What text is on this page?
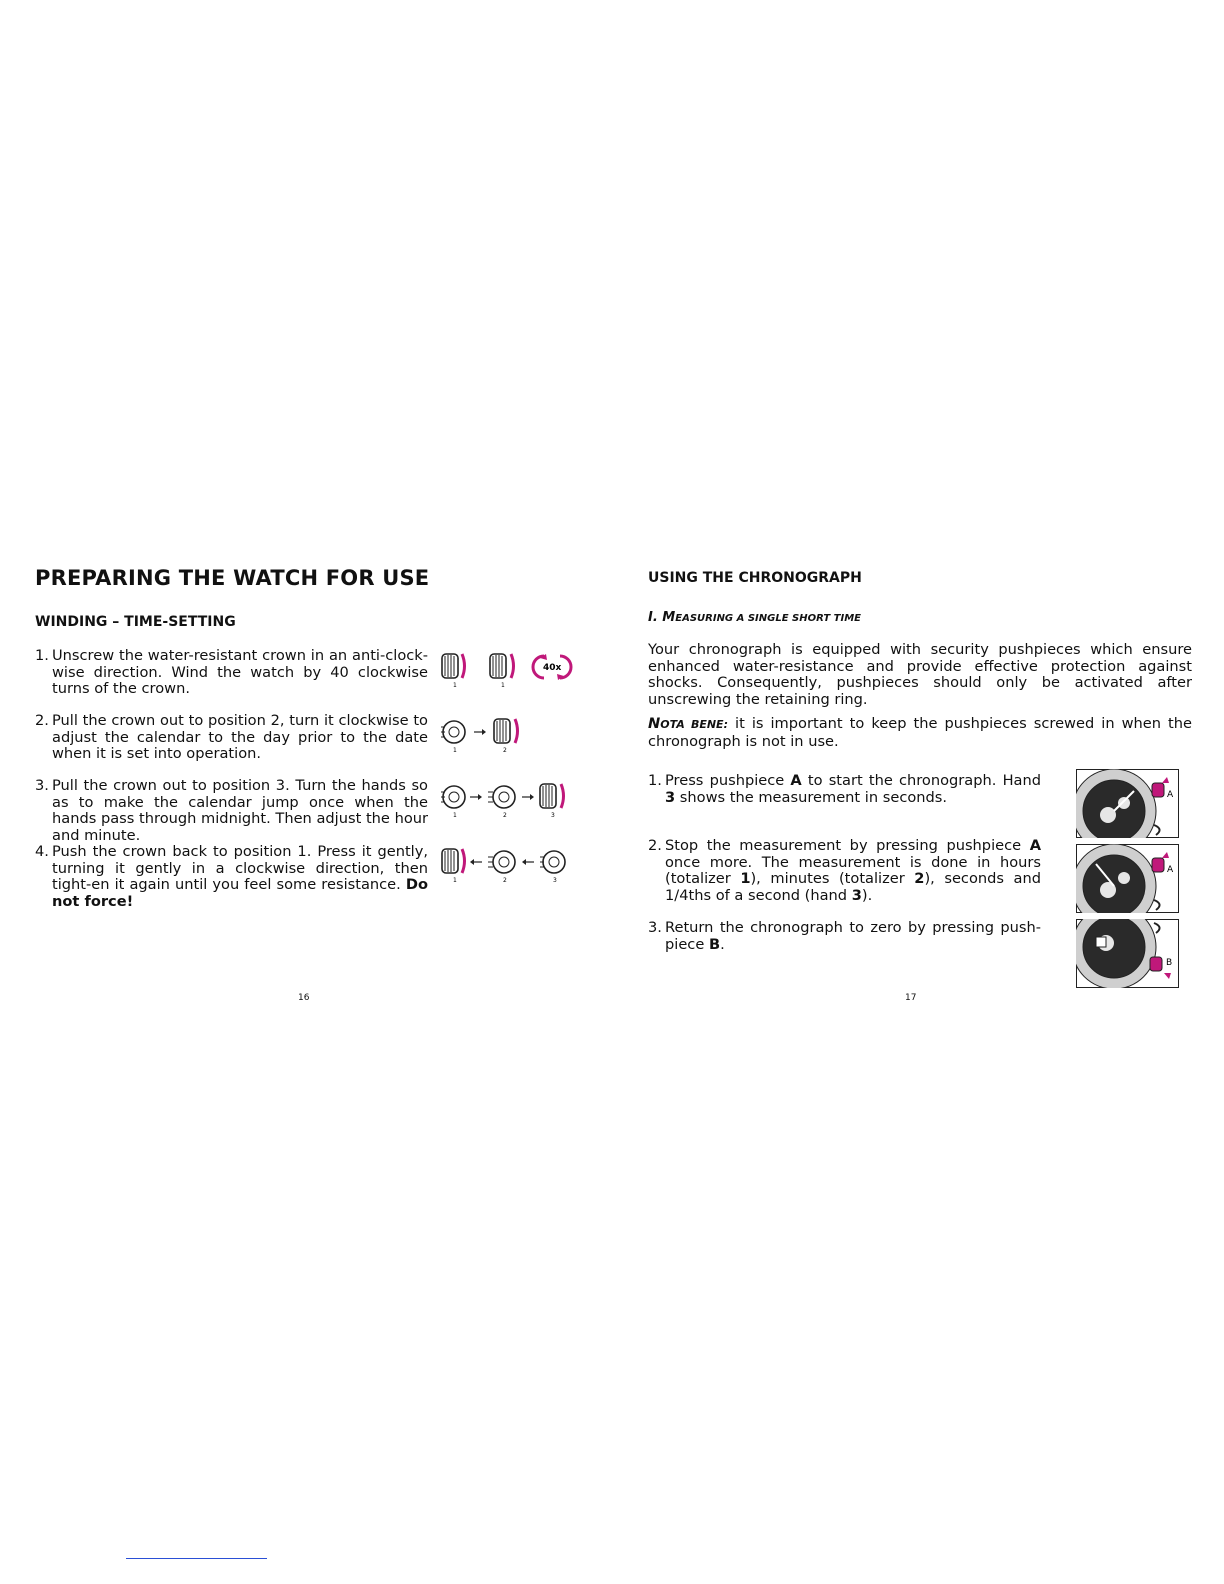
PREPARING THE WATCH FOR USE
WINDING – TIME-SETTING
1. Unscrew the water-resistant crown in an anti-clock-wise direction. Wind the watch by 40 clockwise turns of the crown.
2. Pull the crown out to position 2, turn it clockwise to adjust the calendar to the day prior to the date when it is set into operation.
3. Pull the crown out to position 3. Turn the hands so as to make the calendar jump once when the hands pass through midnight. Then adjust the hour and minute.
4. Push the crown back to position 1. Press it gently, turning it gently in a clockwise direction, then tight-en it again until you feel some resistance. Do not force!
1	1
40x
1	2
1	2	3
1	2	3
16
USING THE CHRONOGRAPH

I. MEASURING A SINGLE SHORT TIME

Your chronograph is equipped with security pushpieces which ensure enhanced water-resistance and provide effective protection against shocks. Consequently, pushpieces should only be activated after unscrewing the retaining ring.

NOTA BENE: it is important to keep the pushpieces screwed in when the chronograph is not in use.

1. Press pushpiece A to start the chronograph. Hand 3 shows the measurement in seconds.
2. Stop the measurement by pressing pushpiece A once more. The measurement is done in hours (totalizer 1), minutes (totalizer 2), seconds and 1/4ths of a second (hand 3).
3. Return the chronograph to zero by pressing push-piece B.
A
A
B
17
